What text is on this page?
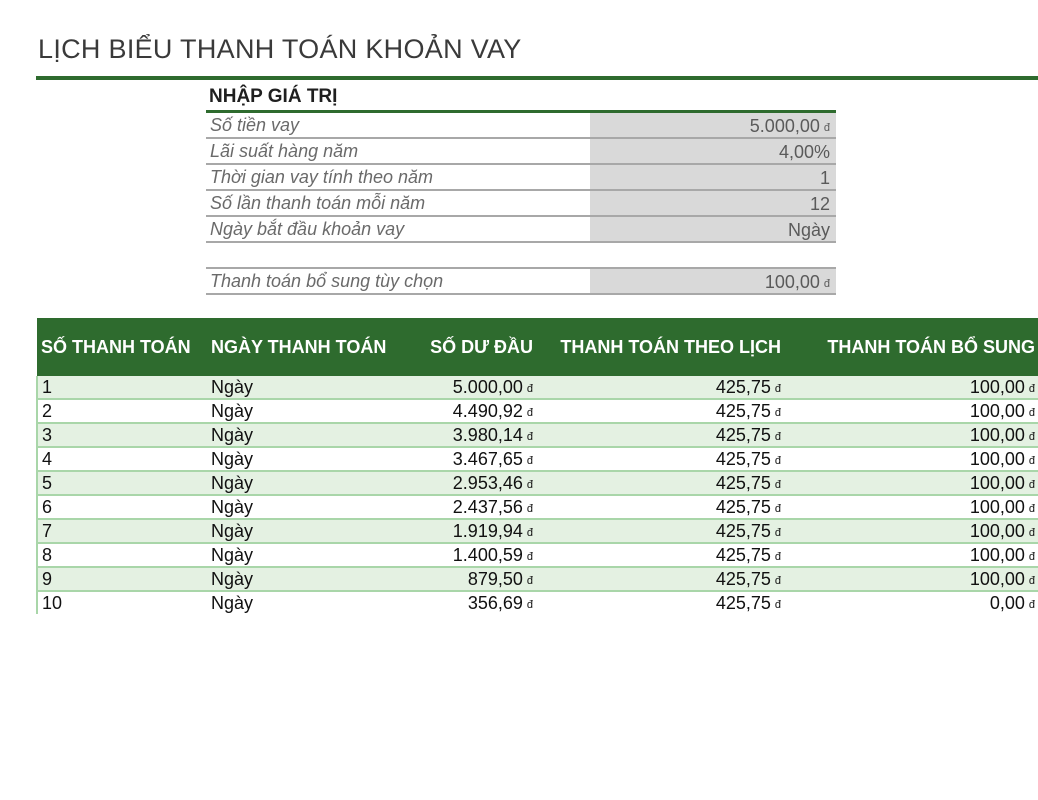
LỊCH BIỂU THANH TOÁN KHOẢN VAY
NHẬP GIÁ TRỊ
Số tiền vay	5.000,00 $^đ$
Lãi suất hàng năm	4,00%
Thời gian vay tính theo năm	1
Số lần thanh toán mỗi năm	12
Ngày bắt đầu khoản vay	Ngày
Thanh toán bổ sung tùy chọn	100,00 $^đ$
SỐ THANH TOÁN	NGÀY THANH TOÁN	SỐ DƯ ĐẦU	THANH TOÁN THEO LỊCH	THANH TOÁN BỔ SUNG
1	Ngày	5.000,00 $^đ$	425,75 $^đ$	100,00 $^đ$
2	Ngày	4.490,92 $^đ$	425,75 $^đ$	100,00 $^đ$
3	Ngày	3.980,14 $^đ$	425,75 $^đ$	100,00 $^đ$
4	Ngày	3.467,65 $^đ$	425,75 $^đ$	100,00 $^đ$
5	Ngày	2.953,46 $^đ$	425,75 $^đ$	100,00 $^đ$
6	Ngày	2.437,56 $^đ$	425,75 $^đ$	100,00 $^đ$
7	Ngày	1.919,94 $^đ$	425,75 $^đ$	100,00 $^đ$
8	Ngày	1.400,59 $^đ$	425,75 $^đ$	100,00 $^đ$
9	Ngày	879,50 $^đ$	425,75 $^đ$	100,00 $^đ$
10	Ngày	356,69 $^đ$	425,75 $^đ$	0,00 $^đ$
